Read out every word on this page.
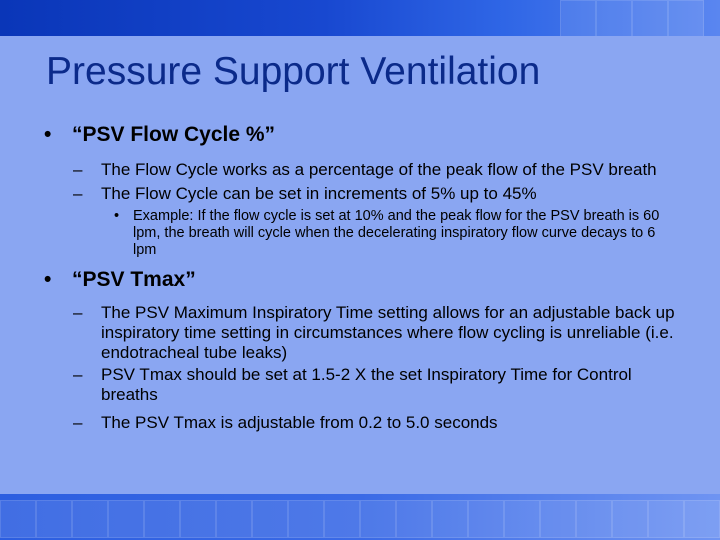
Pressure Support Ventilation
• “PSV Flow Cycle %”
– The Flow Cycle works as a percentage of the peak flow of the PSV breath
– The Flow Cycle can be set in increments of 5% up to 45%
• Example: If the flow cycle is set at 10% and the peak flow for the PSV breath is 60 lpm, the breath will cycle when the decelerating inspiratory flow curve decays to 6 lpm
• “PSV Tmax”
– The PSV Maximum Inspiratory Time setting allows for an adjustable back up inspiratory time setting in circumstances where flow cycling is unreliable (i.e. endotracheal tube leaks)
– PSV Tmax should be set at 1.5-2 X the set Inspiratory Time for Control breaths
– The PSV Tmax is adjustable from 0.2 to 5.0 seconds
